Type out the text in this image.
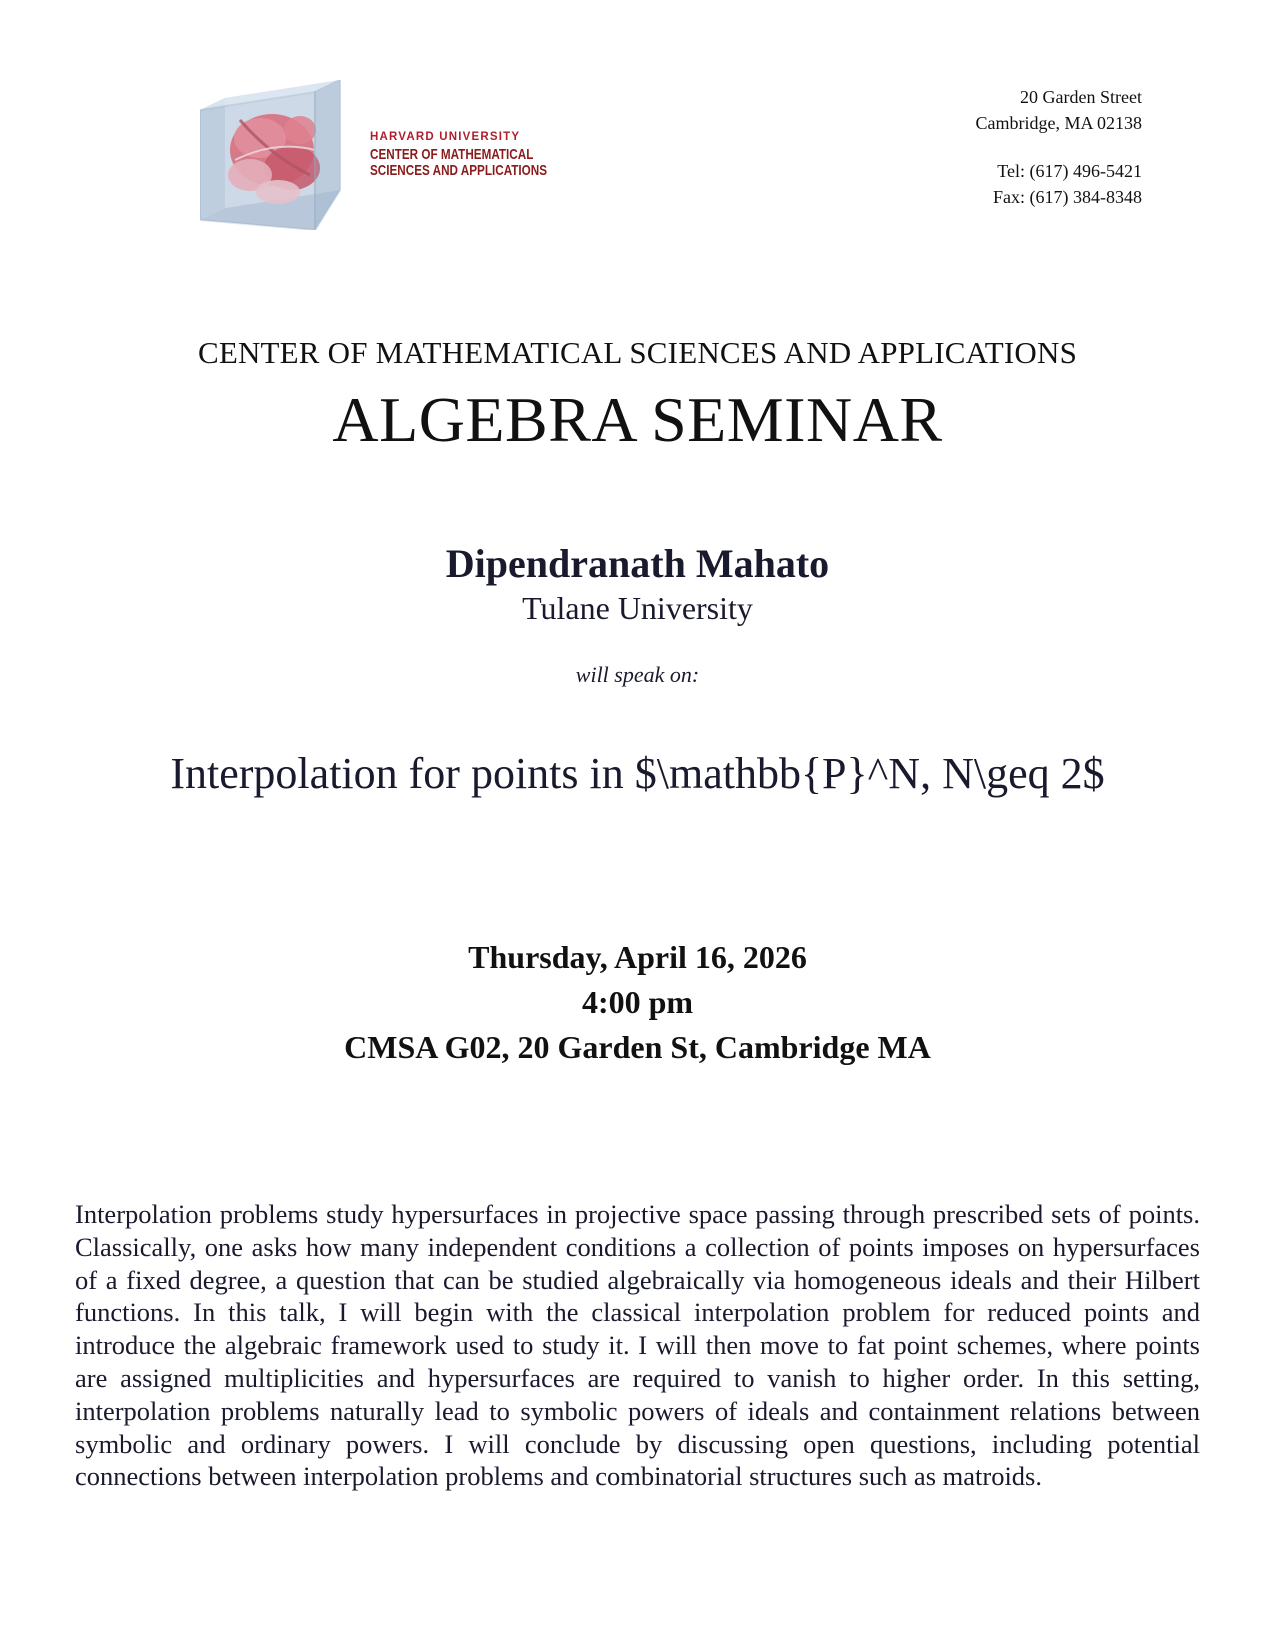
HARVARD UNIVERSITY
CENTER OF MATHEMATICAL
SCIENCES AND APPLICATIONS
20 Garden Street
Cambridge, MA 02138
Tel: (617) 496-5421
Fax: (617) 384-8348
CENTER OF MATHEMATICAL SCIENCES AND APPLICATIONS
ALGEBRA SEMINAR
Dipendranath Mahato
Tulane University
will speak on:
Interpolation for points in $\mathbb{P}^N, N\geq 2$
Thursday, April 16, 2026
4:00 pm
CMSA G02, 20 Garden St, Cambridge MA
Interpolation problems study hypersurfaces in projective space passing through prescribed sets of points. Classically, one asks how many independent conditions a collection of points imposes on hypersurfaces of a fixed degree, a question that can be studied algebraically via homogeneous ideals and their Hilbert functions. In this talk, I will begin with the classical interpolation problem for reduced points and introduce the algebraic framework used to study it. I will then move to fat point schemes, where points are assigned multiplicities and hypersurfaces are required to vanish to higher order. In this setting, interpolation problems naturally lead to symbolic powers of ideals and containment relations between symbolic and ordinary powers. I will conclude by discussing open questions, including potential connections between interpolation problems and combinatorial structures such as matroids.
